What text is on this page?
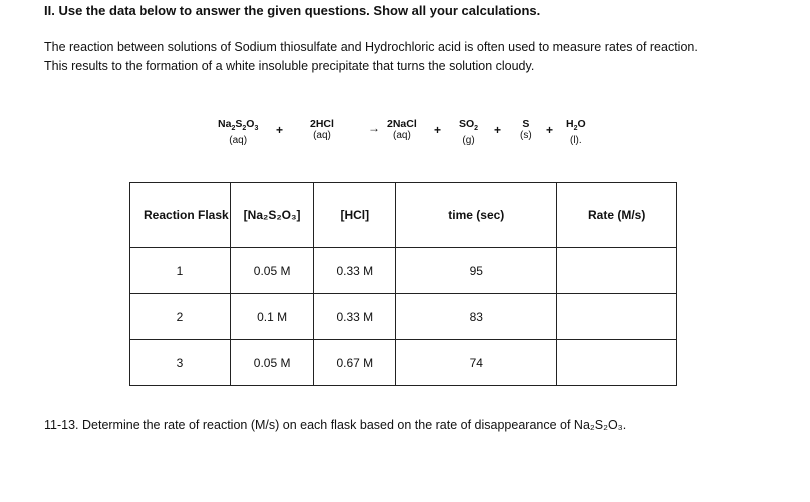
II. Use the data below to answer the given questions. Show all your calculations.
The reaction between solutions of Sodium thiosulfate and Hydrochloric acid is often used to measure rates of reaction.
This results to the formation of a white insoluble precipitate that turns the solution cloudy.
$Na_2S_2O_3$
(aq)
+	2HCl
(aq)
→ 2NaCl
(aq)	+ $SO_2$
(g)
+ S
$(s) + H_2O$
(l).
Reaction Flask	[Na₂S₂O₃]	[HCl]	time (sec)	Rate (M/s)
1	0.05 M	0.33 M	95	
2	0.1 M	0.33 M	83	
3	0.05 M	0.67 M	74	
11-13. Determine the rate of reaction (M/s) on each flask based on the rate of disappearance of Na₂S₂O₃.
